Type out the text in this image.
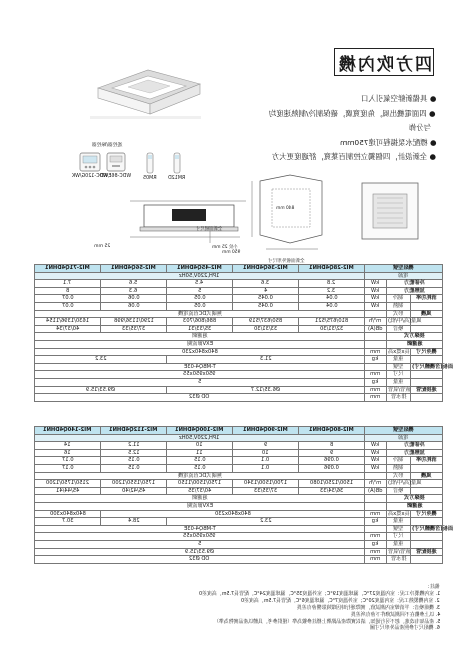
四方吹內機
● 具備新鮮空氣引入口
● 四面電機出風，角度寬廣，確保制冷/制熱速度均
勻分佈
● 標配水泵揚程可達750mm
● 全新設計，四個獨立控制百葉寬，舒適度更大方
WDC-120G/WK
WDC-86E/KD RM05 RM12D
遙控器/線控器
全新面板外形尺寸
25 mm
840 mm
950 mm
全新面板尺寸
小於 25 mm
MI2-71Q4DHN1	MI2-56Q4DHN1	MI2-45Q4DHN1	MI2-36Q4DHN1	MI2-28Q4DHN1	機組型號		
1PH,220V,50Hz					電源		
7.1	5.6	4.5	3.6	2.8	kW	冷卻能力	
8	6.3	5	4	3.2	kW	加熱能力	
0.07	0.06	0.05	0.045	0.04	kW	制冷	消耗功率
0.07	0.06	0.05	0.045	0.04	kW	制熱	
無刷式DC直流電機						形式	風機
1630/1396/1154	1290/1136/998	886/806/703	850/637/519	810/675/521	m³/h	風量(高/中/低)	
40/37/34	37/35/33	35/33/31	33/31/30	32/31/30	dB(A)	噪音	
過濾網						接線方式	
EXV節流閥						過濾網	
840x840x230					mm	長x寬x高	機身尺寸
23.2		21.3			kg	重量	
T-MBQ4-03E						型號	面板(含機體尺寸)
950x950x55					mm	尺寸	
5					kg	重量	
Ø9.53/15.9		Ø6.35/12.7			mm	液管/氣管	連接配管
OD Ø32					mm	排水管	
MI2-140Q4DHN1	MI2-112Q4DHN1	MI2-100Q4DHN1	MI2-90Q4DHN1	MI2-80Q4DHN1	機組型號		
1PH,220V,50Hz					電源		
14	11.2	10	9	8	kW	冷卻能力	
16	12.5	11	10	9	kW	加熱能力	
0.17	0.15	0.15	0.1	0.096	kW	制冷	消耗功率
0.17	0.15	0.15	0.1	0.096	kW	制熱	
無刷式DC直流電機						形式	風機
2150/1750/1200	1750/1550/1200	1750/1500/1150	1700/1500/1340	1500/1250/1080	m³/h	風量(高/中/低)	
45/44/41	45/42/40	40/37/35	37/35/33	36/34/33	dB(A)	噪音	
過濾網						接線方式	
EXV節流閥						過濾網	
840x840x300	840x840x230				mm	長x寬x高	機身尺寸
30.7	28.4	23.2			kg	重量	
T-MBQ4-03E						型號	面板(含機體尺寸)
950x950x55					mm	尺寸	
5					kg	重量	
Ø9.53/15.9					mm	液管/氣管	連接配管
OD Ø32					mm	排水管	
備註：
1. 室內機製冷工況：室內溫度27°C，濕球溫度19°C；室外溫度35°C，濕球溫度24°C，配管長7.5m，高度差0
2. 室內機製熱工況：室內溫度20°C；室外溫度7°C，濕球溫度6°C，配管長7.5m，高度差0
3. 機組噪音：半消聲室內測試值，實際運行時因環境影響會有差異
4. 以上參數在不同測試條件下會有所差異
5. 產品如有改進，恕不另行通知，請以實際產品銘牌上標註參數為準（僅供參考，具體以產品實物為準）
6. 機組尺寸參照產品外形尺寸圖
